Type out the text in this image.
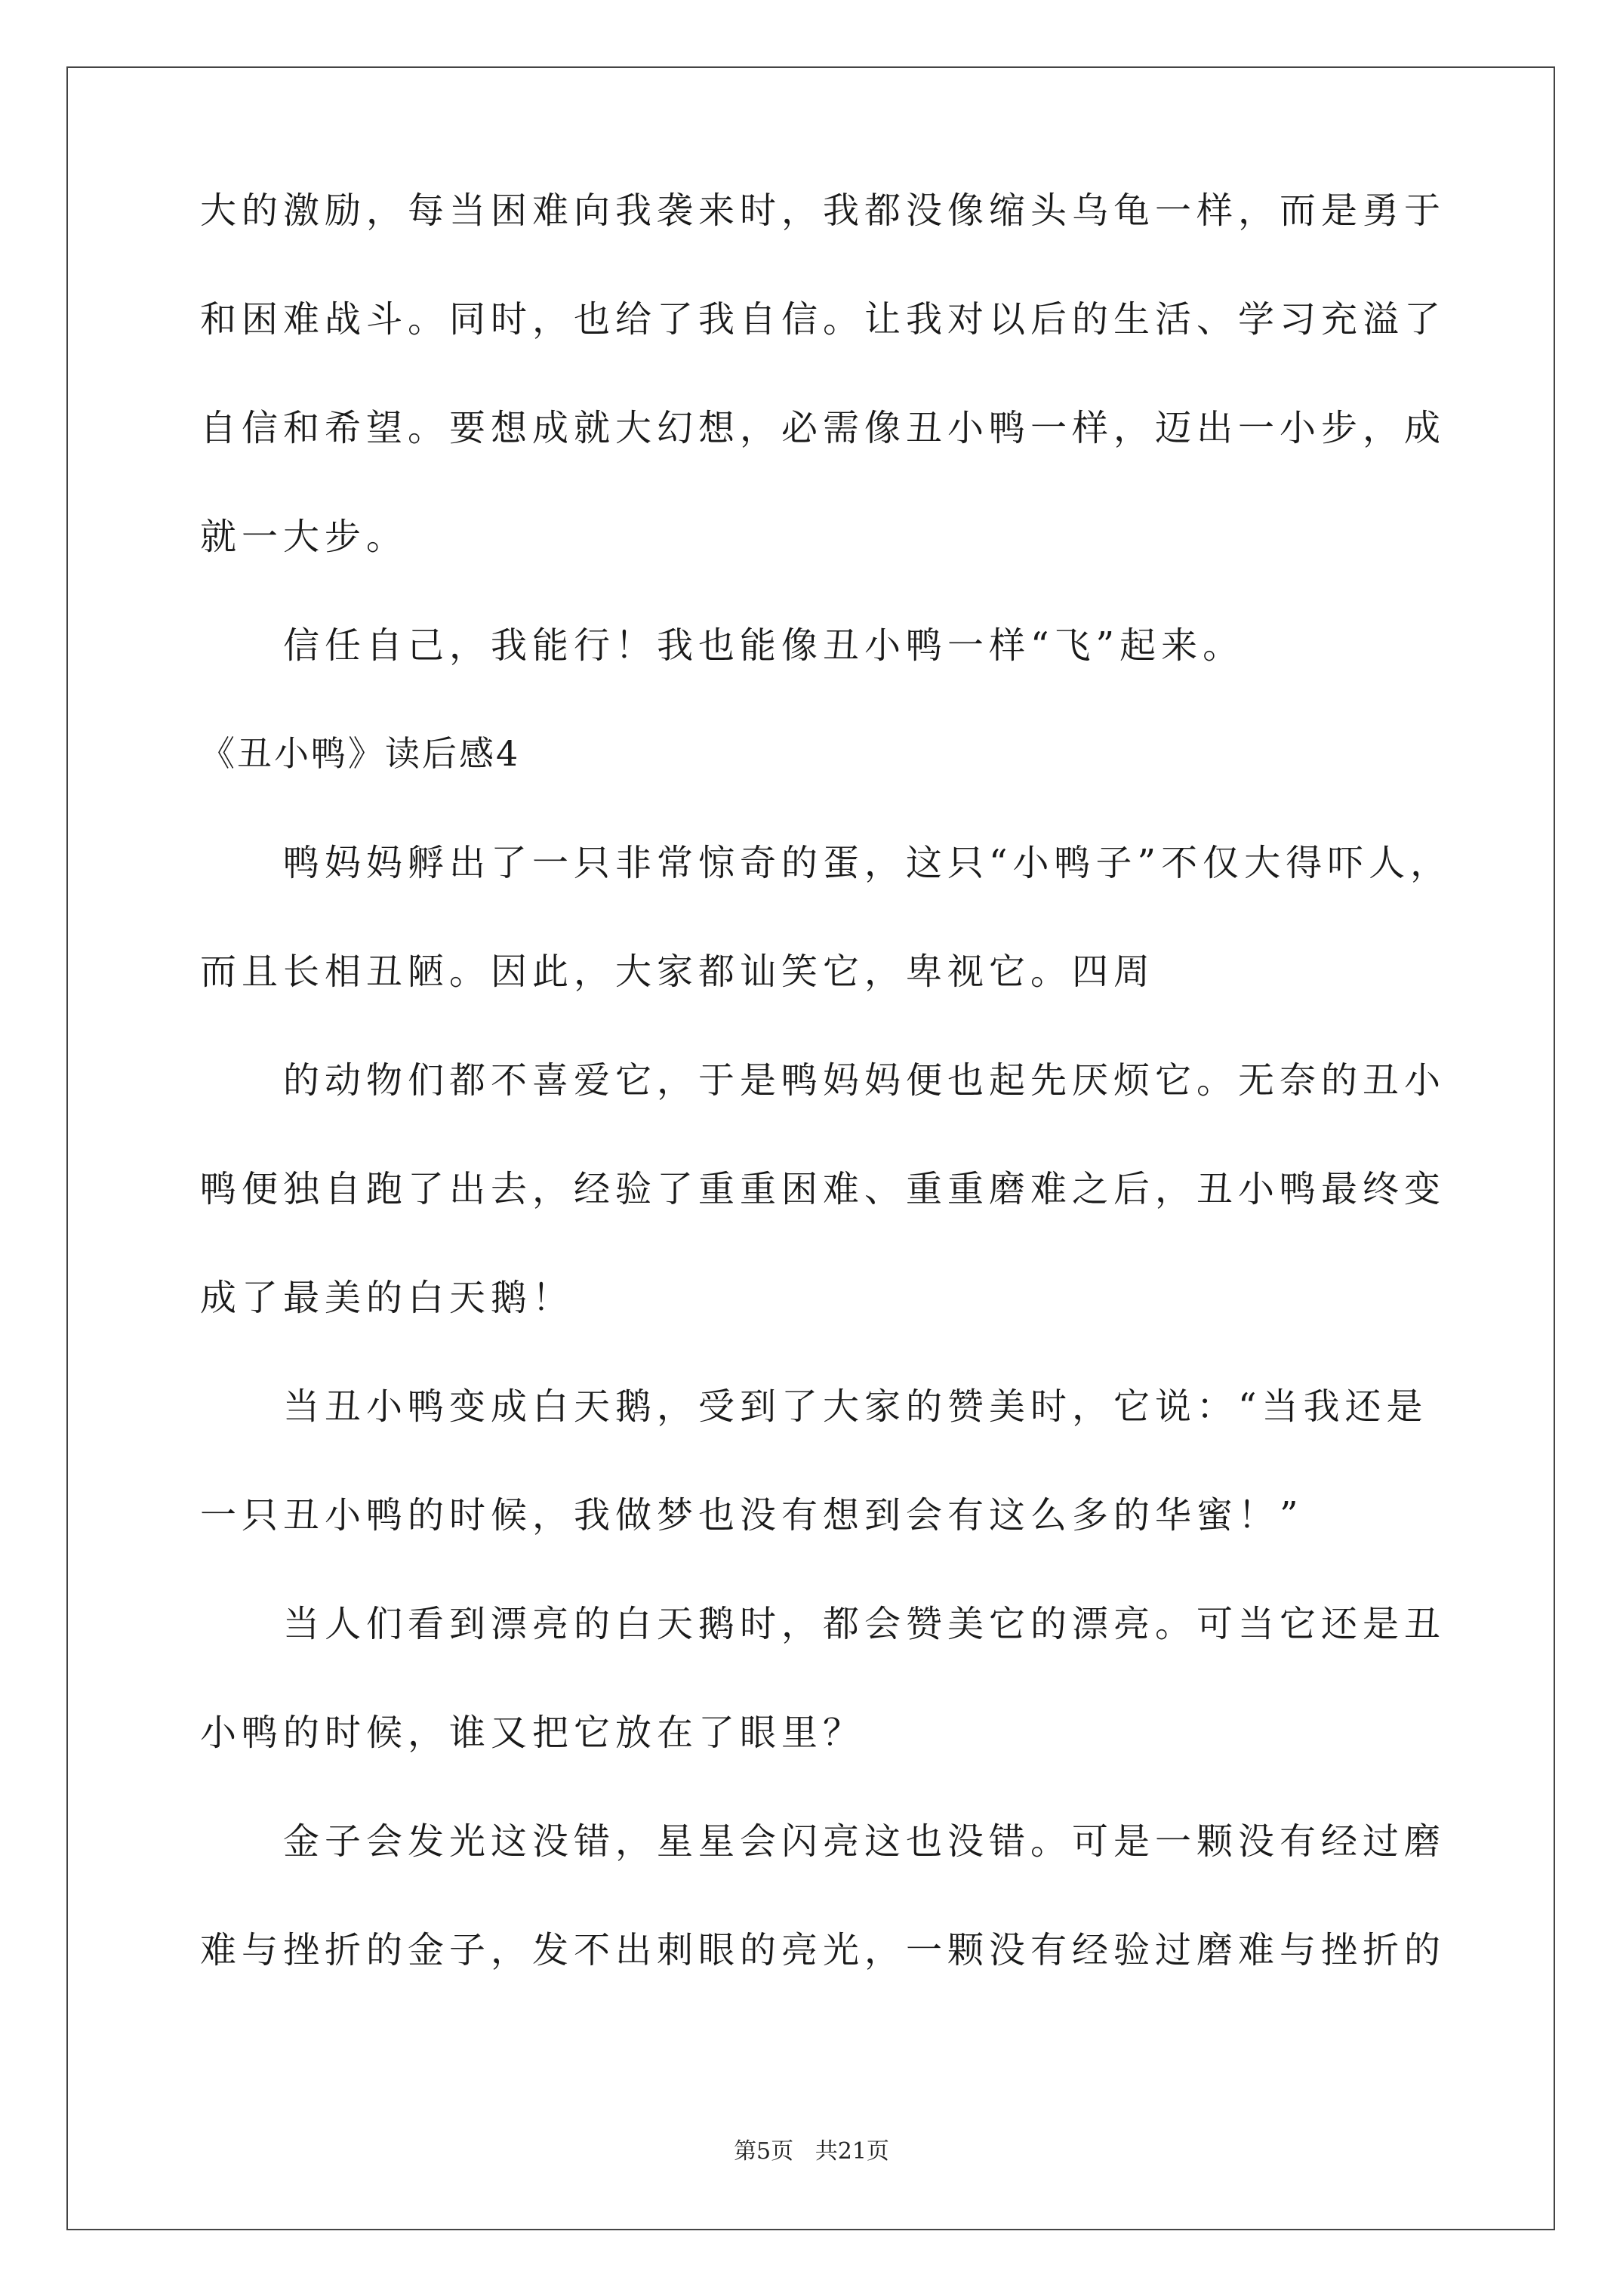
大的激励，每当困难向我袭来时，我都没像缩头乌龟一样，而是勇于
和困难战斗。同时，也给了我自信。让我对以后的生活、学习充溢了
自信和希望。要想成就大幻想，必需像丑小鸭一样，迈出一小步，成
就一大步。
信任自己，我能行！我也能像丑小鸭一样“飞”起来。
《丑小鸭》读后感4
鸭妈妈孵出了一只非常惊奇的蛋，这只“小鸭子”不仅大得吓人，
而且长相丑陋。因此，大家都讪笑它，卑视它。四周
的动物们都不喜爱它，于是鸭妈妈便也起先厌烦它。无奈的丑小
鸭便独自跑了出去，经验了重重困难、重重磨难之后，丑小鸭最终变
成了最美的白天鹅！
当丑小鸭变成白天鹅，受到了大家的赞美时，它说：“当我还是
一只丑小鸭的时候，我做梦也没有想到会有这么多的华蜜！”
当人们看到漂亮的白天鹅时，都会赞美它的漂亮。可当它还是丑
小鸭的时候，谁又把它放在了眼里？
金子会发光这没错，星星会闪亮这也没错。可是一颗没有经过磨
难与挫折的金子，发不出刺眼的亮光，一颗没有经验过磨难与挫折的
第5页   共21页
